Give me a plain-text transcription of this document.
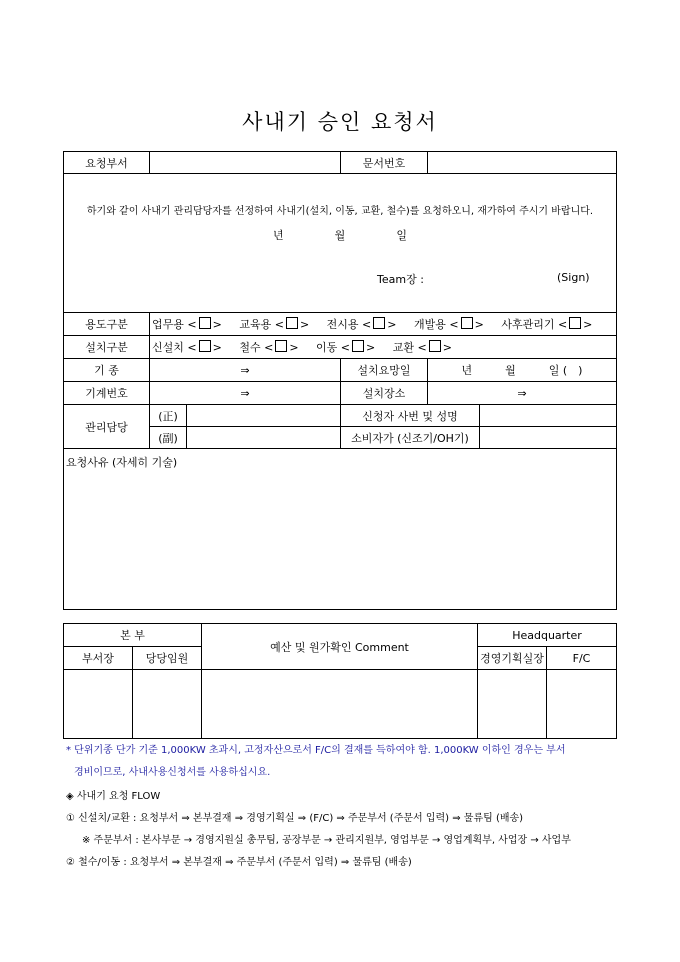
사내기 승인 요청서
요청부서			문서번호		

하기와 같이 사내기 관리담당자를 선정하여 사내기(설치, 이동, 교환, 철수)를 요청하오니, 재가하여 주시기 바랍니다.
년 월 일
Team장 : (Sign)					

용도구분	업무용 < > 교육용 < > 전시용 < > 개발용 < > 사후관리기 < >				
설치구분	신설치 < > 철수 < > 이동 < > 교환 < >				
기 종	⇒		설치요망일	년　　　월　　　일 (　)	
기계번호	⇒		설치장소	⇒	
관리담당	(正)		신청자 사번 및 성명		
	(副)		소비자가 (신조기/OH기)		
요청사유 (자세히 기술)					
본 부		예산 및 원가확인 Comment	Headquarter	
부서장	당당임원		경영기획실장	F/C

* 단위기종 단가 기준 1,000KW 초과시, 고정자산으로서 F/C의 결재를 득하여야 함. 1,000KW 이하인 경우는 부서

경비이므로, 사내사용신청서를 사용하십시요.

◈ 사내기 요청 FLOW

① 신설치/교환 : 요청부서 ⇒ 본부결재 ⇒ 경영기획실 ⇒ (F/C) ⇒ 주문부서 (주문서 입력) ⇒ 물류팀 (배송)

※ 주문부서 : 본사부문 → 경영지원실 총무팀, 공장부문 → 관리지원부, 영업부문 → 영업계획부, 사업장 → 사업부

② 철수/이동 : 요청부서 ⇒ 본부결재 ⇒ 주문부서 (주문서 입력) ⇒ 물류팀 (배송)
